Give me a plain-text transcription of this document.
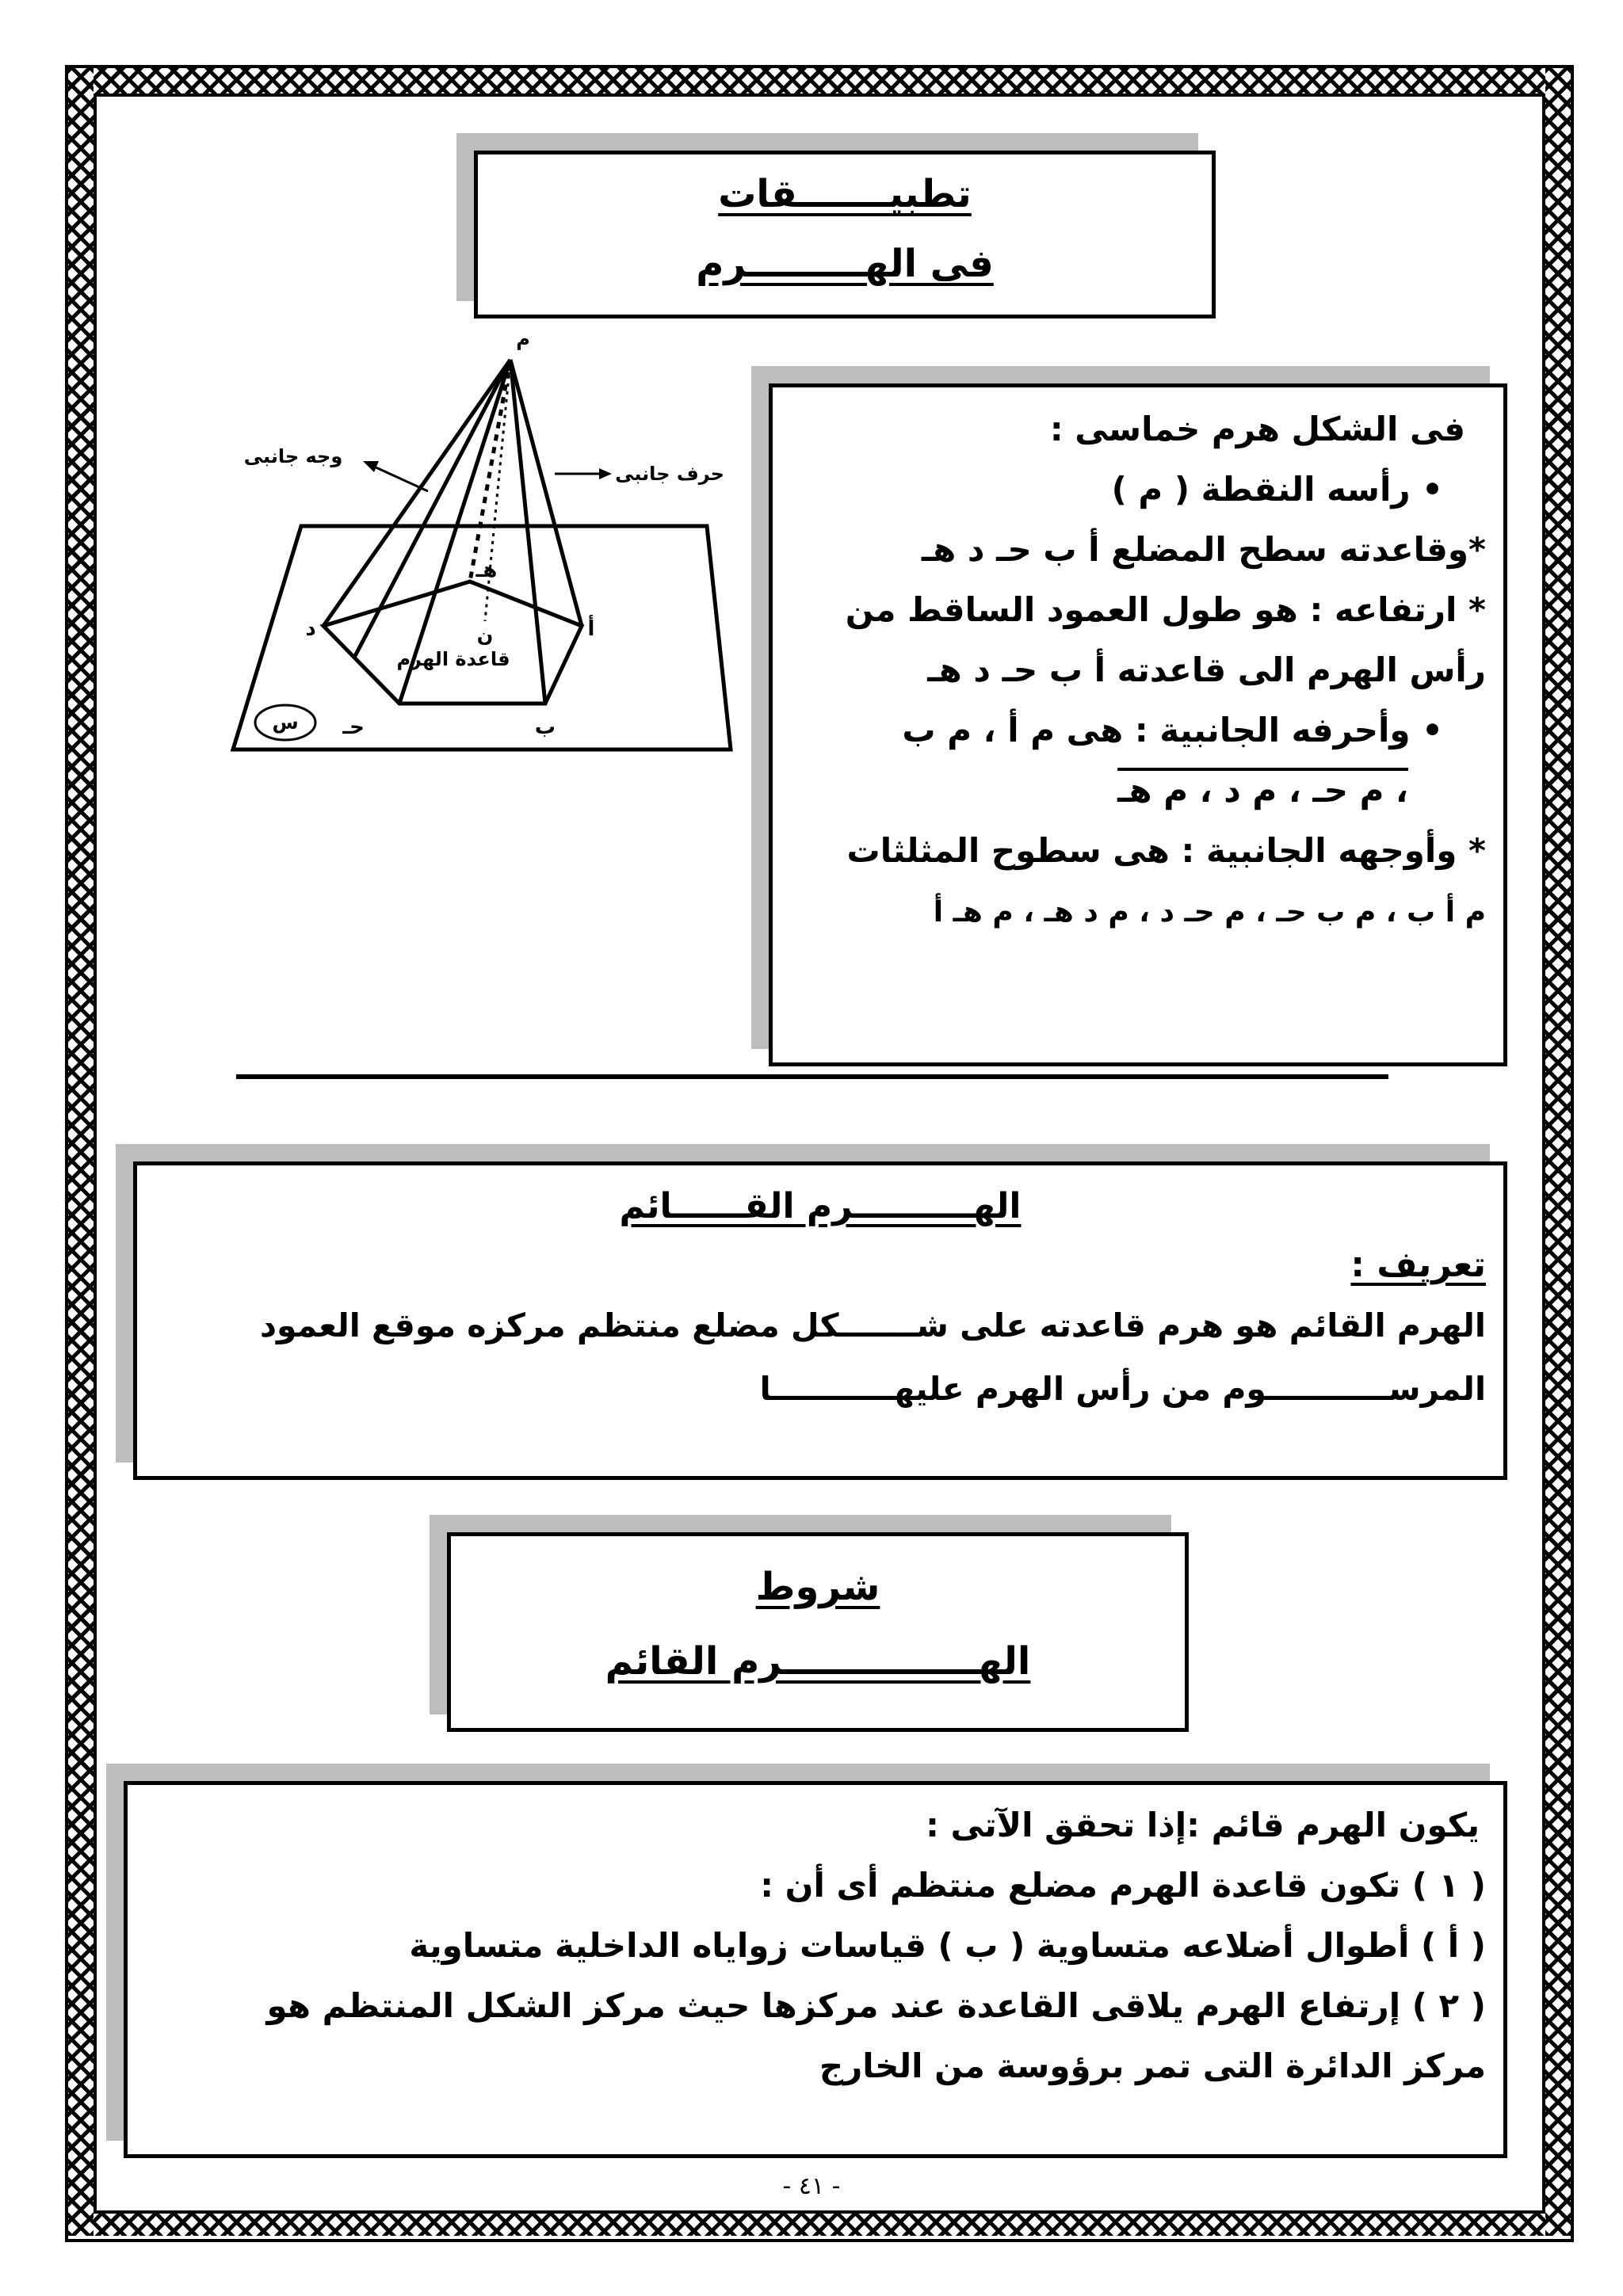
تطبيـــــــقات
فى الهـــــــــرم
م
وجه جانبى
حرف جانبى
أ
ب
حـ
د
هـ
ن
قاعدة الهرم
س
فى الشكل هرم خماسى :
• رأسه النقطة ( م )
*وقاعدته سطح المضلع أ ب حـ د هـ
* ارتفاعه : هو طول العمود الساقط من
رأس الهرم الى قاعدته أ ب حـ د هـ
• وأحرفه الجانبية : هى م أ ، م ب
، م حـ ، م د ، م هـ
* وأوجهه الجانبية : هى سطوح المثلثات
م أ ب ، م ب حـ ، م حـ د ، م د هـ ، م هـ أ
الهــــــــــرم القــــــائم
تعريف :
الهرم القائم هو هرم قاعدته على شـــــــكل مضلع منتظم مركزه موقع العمود
المرســـــــــــوم من رأس الهرم عليهـــــــــــا
شروط
الهـــــــــــــــرم القائم
يكون الهرم قائم :إذا تحقق الآتى :
( ١ ) تكون قاعدة الهرم مضلع منتظم أى أن :
( أ ) أطوال أضلاعه متساوية ( ب ) قياسات زواياه الداخلية متساوية
( ٢ ) إرتفاع الهرم يلاقى القاعدة عند مركزها حيث مركز الشكل المنتظم هو
مركز الدائرة التى تمر برؤوسة من الخارج
- ٤١ -
